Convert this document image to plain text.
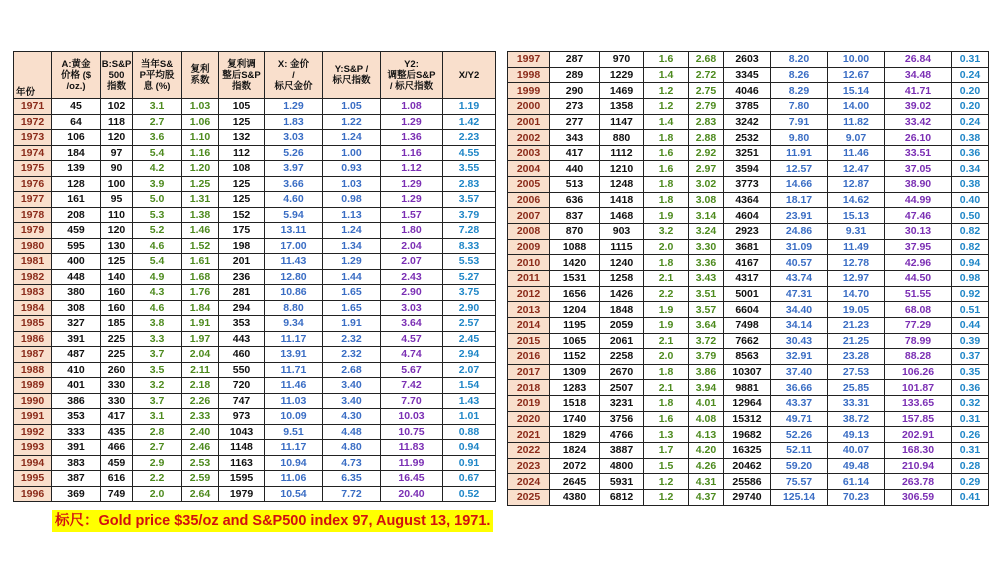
年份	A:黄金
价格 ($
/oz.)	B:S&P
500
指数	当年S&
P平均股
息 (%)	复利
系数	复利调
整后S&P
指数	X: 金价
/
标尺金价	Y:S&P /
标尺指数	Y2:
调整后S&P
/ 标尺指数	X/Y2
1971	45	102	3.1	1.03	105	1.29	1.05	1.08	1.19
1972	64	118	2.7	1.06	125	1.83	1.22	1.29	1.42
1973	106	120	3.6	1.10	132	3.03	1.24	1.36	2.23
1974	184	97	5.4	1.16	112	5.26	1.00	1.16	4.55
1975	139	90	4.2	1.20	108	3.97	0.93	1.12	3.55
1976	128	100	3.9	1.25	125	3.66	1.03	1.29	2.83
1977	161	95	5.0	1.31	125	4.60	0.98	1.29	3.57
1978	208	110	5.3	1.38	152	5.94	1.13	1.57	3.79
1979	459	120	5.2	1.46	175	13.11	1.24	1.80	7.28
1980	595	130	4.6	1.52	198	17.00	1.34	2.04	8.33
1981	400	125	5.4	1.61	201	11.43	1.29	2.07	5.53
1982	448	140	4.9	1.68	236	12.80	1.44	2.43	5.27
1983	380	160	4.3	1.76	281	10.86	1.65	2.90	3.75
1984	308	160	4.6	1.84	294	8.80	1.65	3.03	2.90
1985	327	185	3.8	1.91	353	9.34	1.91	3.64	2.57
1986	391	225	3.3	1.97	443	11.17	2.32	4.57	2.45
1987	487	225	3.7	2.04	460	13.91	2.32	4.74	2.94
1988	410	260	3.5	2.11	550	11.71	2.68	5.67	2.07
1989	401	330	3.2	2.18	720	11.46	3.40	7.42	1.54
1990	386	330	3.7	2.26	747	11.03	3.40	7.70	1.43
1991	353	417	3.1	2.33	973	10.09	4.30	10.03	1.01
1992	333	435	2.8	2.40	1043	9.51	4.48	10.75	0.88
1993	391	466	2.7	2.46	1148	11.17	4.80	11.83	0.94
1994	383	459	2.9	2.53	1163	10.94	4.73	11.99	0.91
1995	387	616	2.2	2.59	1595	11.06	6.35	16.45	0.67
1996	369	749	2.0	2.64	1979	10.54	7.72	20.40	0.52
1997	287	970	1.6	2.68	2603	8.20	10.00	26.84	0.31
1998	289	1229	1.4	2.72	3345	8.26	12.67	34.48	0.24
1999	290	1469	1.2	2.75	4046	8.29	15.14	41.71	0.20
2000	273	1358	1.2	2.79	3785	7.80	14.00	39.02	0.20
2001	277	1147	1.4	2.83	3242	7.91	11.82	33.42	0.24
2002	343	880	1.8	2.88	2532	9.80	9.07	26.10	0.38
2003	417	1112	1.6	2.92	3251	11.91	11.46	33.51	0.36
2004	440	1210	1.6	2.97	3594	12.57	12.47	37.05	0.34
2005	513	1248	1.8	3.02	3773	14.66	12.87	38.90	0.38
2006	636	1418	1.8	3.08	4364	18.17	14.62	44.99	0.40
2007	837	1468	1.9	3.14	4604	23.91	15.13	47.46	0.50
2008	870	903	3.2	3.24	2923	24.86	9.31	30.13	0.82
2009	1088	1115	2.0	3.30	3681	31.09	11.49	37.95	0.82
2010	1420	1240	1.8	3.36	4167	40.57	12.78	42.96	0.94
2011	1531	1258	2.1	3.43	4317	43.74	12.97	44.50	0.98
2012	1656	1426	2.2	3.51	5001	47.31	14.70	51.55	0.92
2013	1204	1848	1.9	3.57	6604	34.40	19.05	68.08	0.51
2014	1195	2059	1.9	3.64	7498	34.14	21.23	77.29	0.44
2015	1065	2061	2.1	3.72	7662	30.43	21.25	78.99	0.39
2016	1152	2258	2.0	3.79	8563	32.91	23.28	88.28	0.37
2017	1309	2670	1.8	3.86	10307	37.40	27.53	106.26	0.35
2018	1283	2507	2.1	3.94	9881	36.66	25.85	101.87	0.36
2019	1518	3231	1.8	4.01	12964	43.37	33.31	133.65	0.32
2020	1740	3756	1.6	4.08	15312	49.71	38.72	157.85	0.31
2021	1829	4766	1.3	4.13	19682	52.26	49.13	202.91	0.26
2022	1824	3887	1.7	4.20	16325	52.11	40.07	168.30	0.31
2023	2072	4800	1.5	4.26	20462	59.20	49.48	210.94	0.28
2024	2645	5931	1.2	4.31	25586	75.57	61.14	263.78	0.29
2025	4380	6812	1.2	4.37	29740	125.14	70.23	306.59	0.41
标尺：Gold price $35/oz and S&P500 index 97, August 13, 1971.
